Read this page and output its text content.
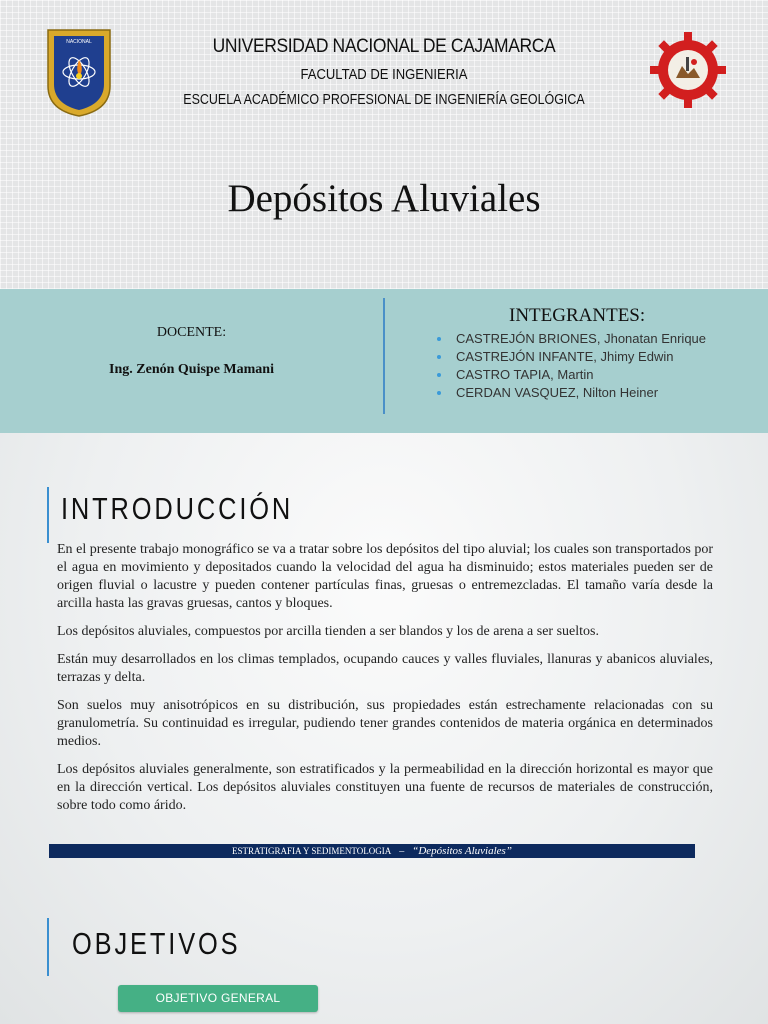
NACIONAL	UNIVERSIDAD NACIONAL DE CAJAMARCA
FACULTAD DE INGENIERIA
ESCUELA ACADÉMICO PROFESIONAL DE INGENIERÍA GEOLÓGICA
Depósitos Aluviales
DOCENTE:
Ing. Zenón Quispe Mamani
INTEGRANTES:
CASTREJÓN BRIONES, Jhonatan Enrique
CASTREJÓN INFANTE, Jhimy Edwin
CASTRO TAPIA, Martin
CERDAN VASQUEZ, Nilton Heiner
INTRODUCCIÓN

En el presente trabajo monográfico se va a tratar sobre los depósitos del tipo aluvial; los cuales son transportados por el agua en movimiento y depositados cuando la velocidad del agua ha disminuido; estos materiales pueden ser de origen fluvial o lacustre y pueden contener partículas finas, gruesas o entremezcladas. El tamaño varía desde la arcilla hasta las gravas gruesas, cantos y bloques.

Los depósitos aluviales, compuestos por arcilla tienden a ser blandos y los de arena a ser sueltos.

Están muy desarrollados en los climas templados, ocupando cauces y valles fluviales, llanuras y abanicos aluviales, terrazas y delta.

Son suelos muy anisotrópicos en su distribución, sus propiedades están estrechamente relacionadas con su granulometría. Su continuidad es irregular, pudiendo tener grandes contenidos de materia orgánica en determinados medios.

Los depósitos aluviales generalmente, son estratificados y la permeabilidad en la dirección horizontal es mayor que en la dirección vertical. Los depósitos aluviales constituyen una fuente de recursos de materiales de construcción, sobre todo como árido.

ESTRATIGRAFIA Y SEDIMENTOLOGIA – “Depósitos Aluviales”
OBJETIVOS
OBJETIVO GENERAL
